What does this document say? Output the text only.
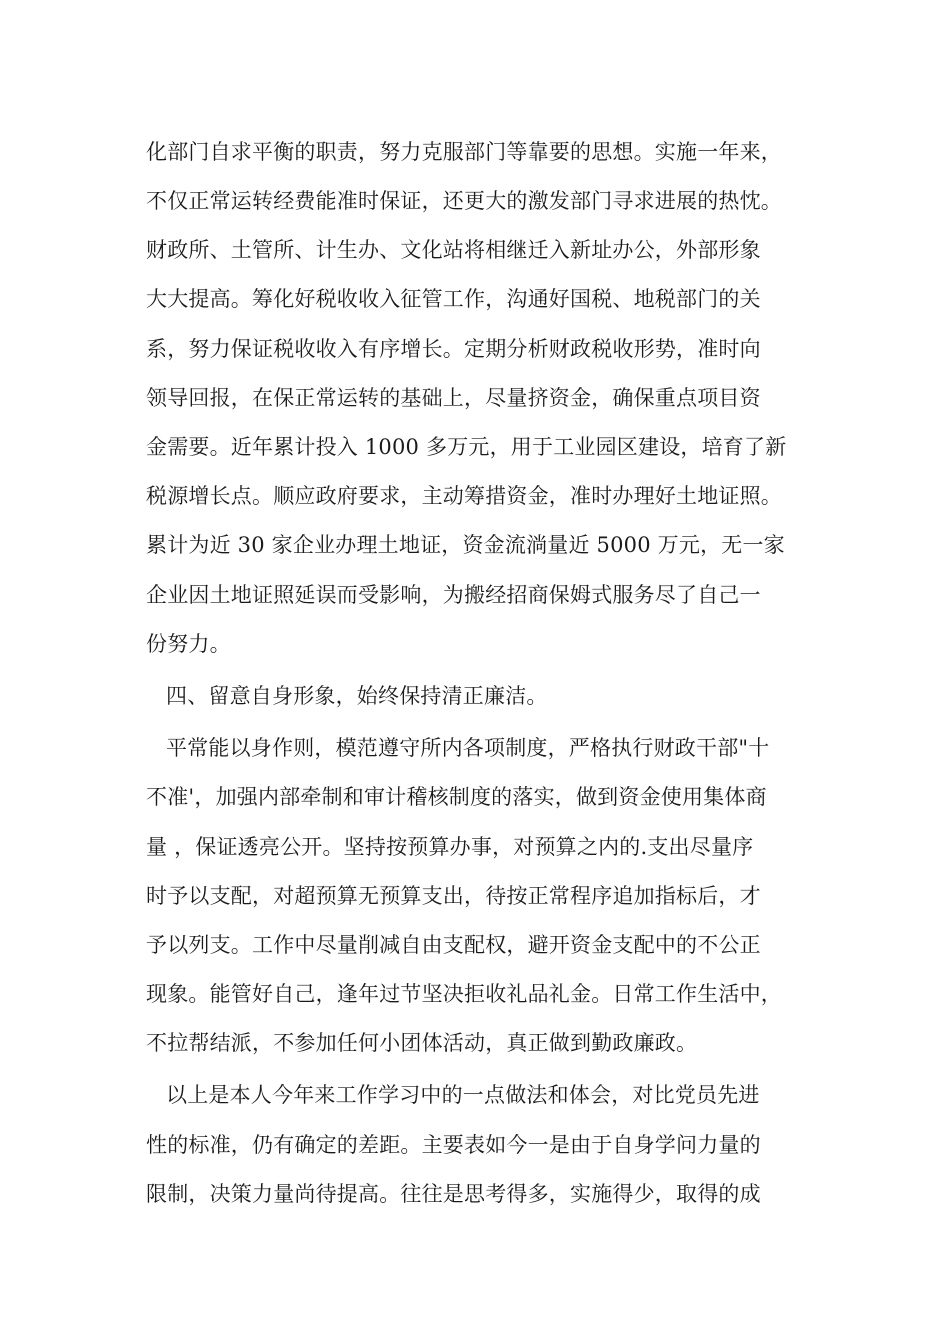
化部门自求平衡的职责，努力克服部门等靠要的思想。实施一年来，
不仅正常运转经费能准时保证，还更大的激发部门寻求进展的热忱。
财政所、土管所、计生办、文化站将相继迁入新址办公，外部形象
大大提高。筹化好税收收入征管工作，沟通好国税、地税部门的关
系，努力保证税收收入有序增长。定期分析财政税收形势，准时向
领导回报，在保正常运转的基础上，尽量挤资金，确保重点项目资
金需要。近年累计投入 1000 多万元，用于工业园区建设，培育了新
税源增长点。顺应政府要求，主动筹措资金，准时办理好土地证照。
累计为近 30 家企业办理土地证，资金流淌量近 5000 万元，无一家
企业因土地证照延误而受影响，为搬经招商保姆式服务尽了自己一
份努力。
四、留意自身形象，始终保持清正廉洁。
平常能以身作则，模范遵守所内各项制度，严格执行财政干部"十
不准'，加强内部牵制和审计稽核制度的落实，做到资金使用集体商
量 ，保证透亮公开。坚持按预算办事，对预算之内的.支出尽量序
时予以支配，对超预算无预算支出，待按正常程序追加指标后，才
予以列支。工作中尽量削减自由支配权，避开资金支配中的不公正
现象。能管好自己，逢年过节坚决拒收礼品礼金。日常工作生活中，
不拉帮结派，不参加任何小团体活动，真正做到勤政廉政。
以上是本人今年来工作学习中的一点做法和体会，对比党员先进
性的标准，仍有确定的差距。主要表如今一是由于自身学问力量的
限制，决策力量尚待提高。往往是思考得多，实施得少，取得的成
